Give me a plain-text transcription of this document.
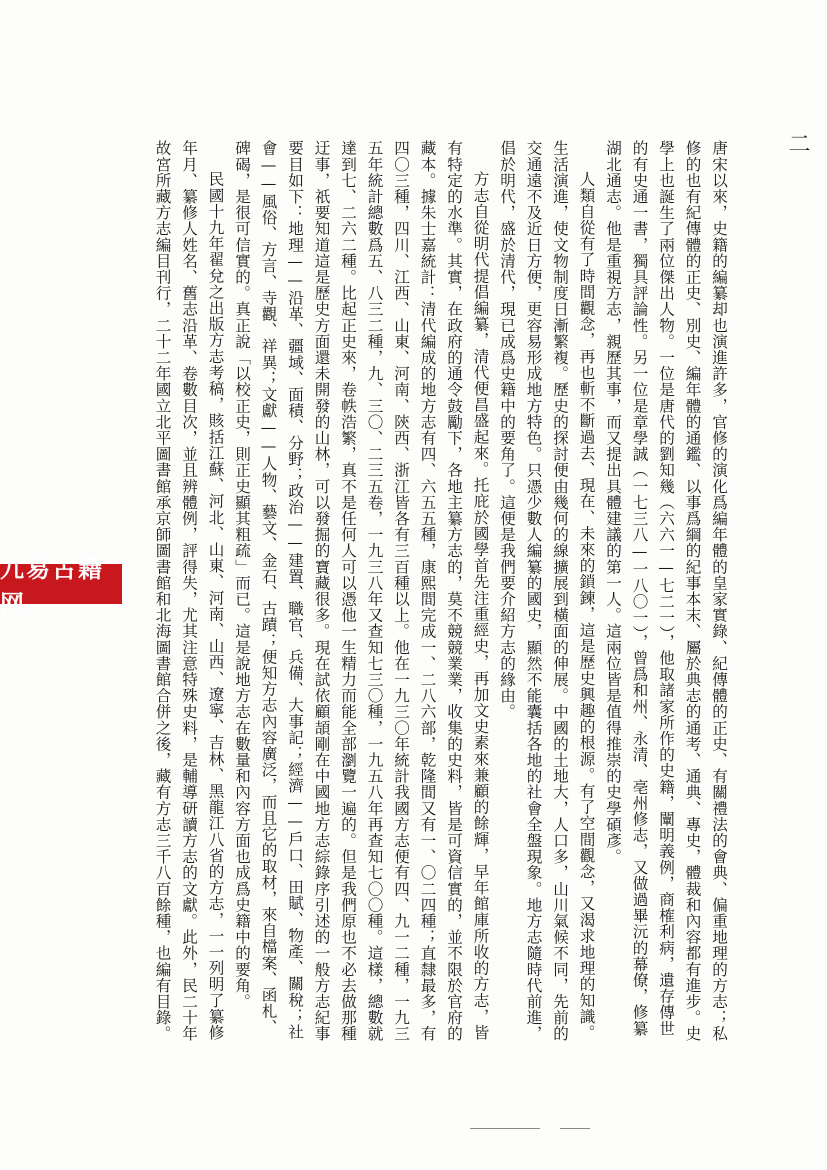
二

唐宋以來，史籍的編纂却也演進許多，官修的演化爲編年體的皇家實錄、紀傳體的正史、有關禮法的會典、偏重地理的方志；私修的也有紀傳體的正史、別史、編年體的通鑑、以事爲綱的紀事本末、屬於典志的通考、通典、專史，體裁和內容都有進步。史學上也誕生了兩位傑出人物。一位是唐代的劉知幾（六六一—七二一），他取諸家所作的史籍，闡明義例，商榷利病，遺存傳世的有史通一書，獨具評論性。另一位是章學誠（一七三八—一八〇一），曾爲和州、永清、亳州修志，又做過畢沅的幕僚，修纂湖北通志。他是重視方志，親歷其事，而又提出具體建議的第一人。這兩位皆是值得推崇的史學碩彥。

人類自從有了時間觀念，再也斬不斷過去、現在、未來的鎖鍊，這是歷史興趣的根源。有了空間觀念，又渴求地理的知識。生活演進，使文物制度日漸繁複。歷史的探討便由幾何的線擴展到橫面的伸展。中國的土地大，人口多，山川氣候不同，先前的交通遠不及近日方便，更容易形成地方特色。只憑少數人編纂的國史，顯然不能囊括各地的社會全盤現象。地方志隨時代前進，倡於明代，盛於清代，現已成爲史籍中的要角了。這便是我們要介紹方志的緣由。

方志自從明代提倡編纂，清代便昌盛起來。托庇於國學首先注重經史，再加文史素來兼顧的餘輝，早年館庫所收的方志，皆有特定的水準。其實，在政府的通令鼓勵下，各地主纂方志的，莫不競競業業，收集的史料，皆是可資信實的，並不限於官府的藏本。據朱士嘉統計：清代編成的地方志有四、六五五種，康熙間完成一、二八六部，乾隆間又有一、〇二四種；直隸最多，有四〇三種，四川、江西、山東、河南、陝西、浙江皆各有三百種以上。他在一九三〇年統計我國方志便有四、九一二種，一九三五年統計總數爲五、八三二種，九、三〇、二三五卷，一九三八年又查知七三〇種，一九五八年再查知七〇〇種。這樣，總數就達到七、二六二種。比起正史來，卷帙浩繁，真不是任何人可以憑他一生精力而能全部瀏覽一遍的。但是我們原也不必去做那種迂事，祇要知道這是歷史方面還未開發的山林，可以發掘的寶藏很多。現在試依顧頡剛在中國地方志綜錄序引述的一般方志紀事要目如下：地理——沿革、疆域、面積、分野；政治——建置、職官、兵備、大事記；經濟——戶口、田賦、物產、關稅；社會——風俗、方言、寺觀、祥異；文獻——人物、藝文、金石、古蹟；便知方志內容廣泛，而且它的取材，來自檔案、函札、碑碣，是很可信實的。真正說「以校正史，則正史顯其粗疏」而已。這是說地方志在數量和內容方面也成爲史籍中的要角。

民國十九年翟兌之出版方志考稿，賅括江蘇、河北、山東、河南、山西、遼寧、吉林、黑龍江八省的方志，一一列明了纂修年月、纂修人姓名、舊志沿革、卷數目次，並且辨體例，評得失，尤其注意特殊史料，是輔導研讀方志的文獻。此外，民二十年故宮所藏方志編目刊行，二十二年國立北平圖書館承京師圖書館和北海圖書館合併之後，藏有方志三千八百餘種，也編有目錄。

九易古籍网
